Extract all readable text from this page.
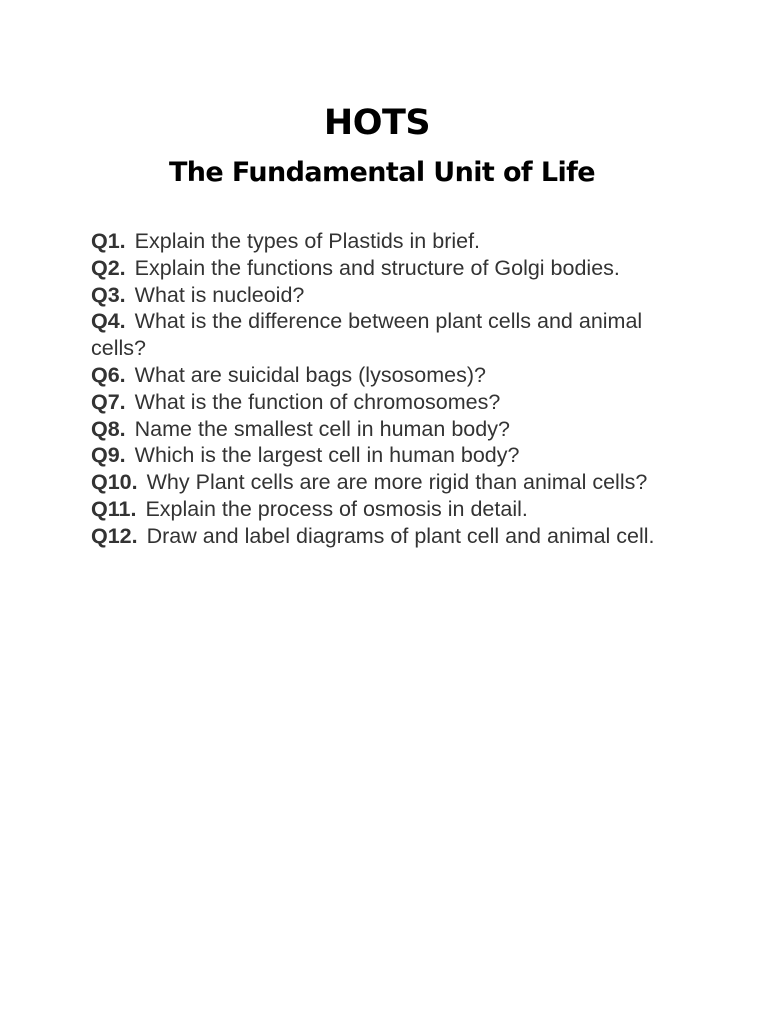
HOTS
The Fundamental Unit of Life
Q1. Explain the types of Plastids in brief.
Q2. Explain the functions and structure of Golgi bodies.
Q3. What is nucleoid?
Q4. What is the difference between plant cells and animal cells?
Q6. What are suicidal bags (lysosomes)?
Q7. What is the function of chromosomes?
Q8. Name the smallest cell in human body?
Q9. Which is the largest cell in human body?
Q10. Why Plant cells are are more rigid than animal cells?
Q11. Explain the process of osmosis in detail.
Q12. Draw and label diagrams of plant cell and animal cell.
